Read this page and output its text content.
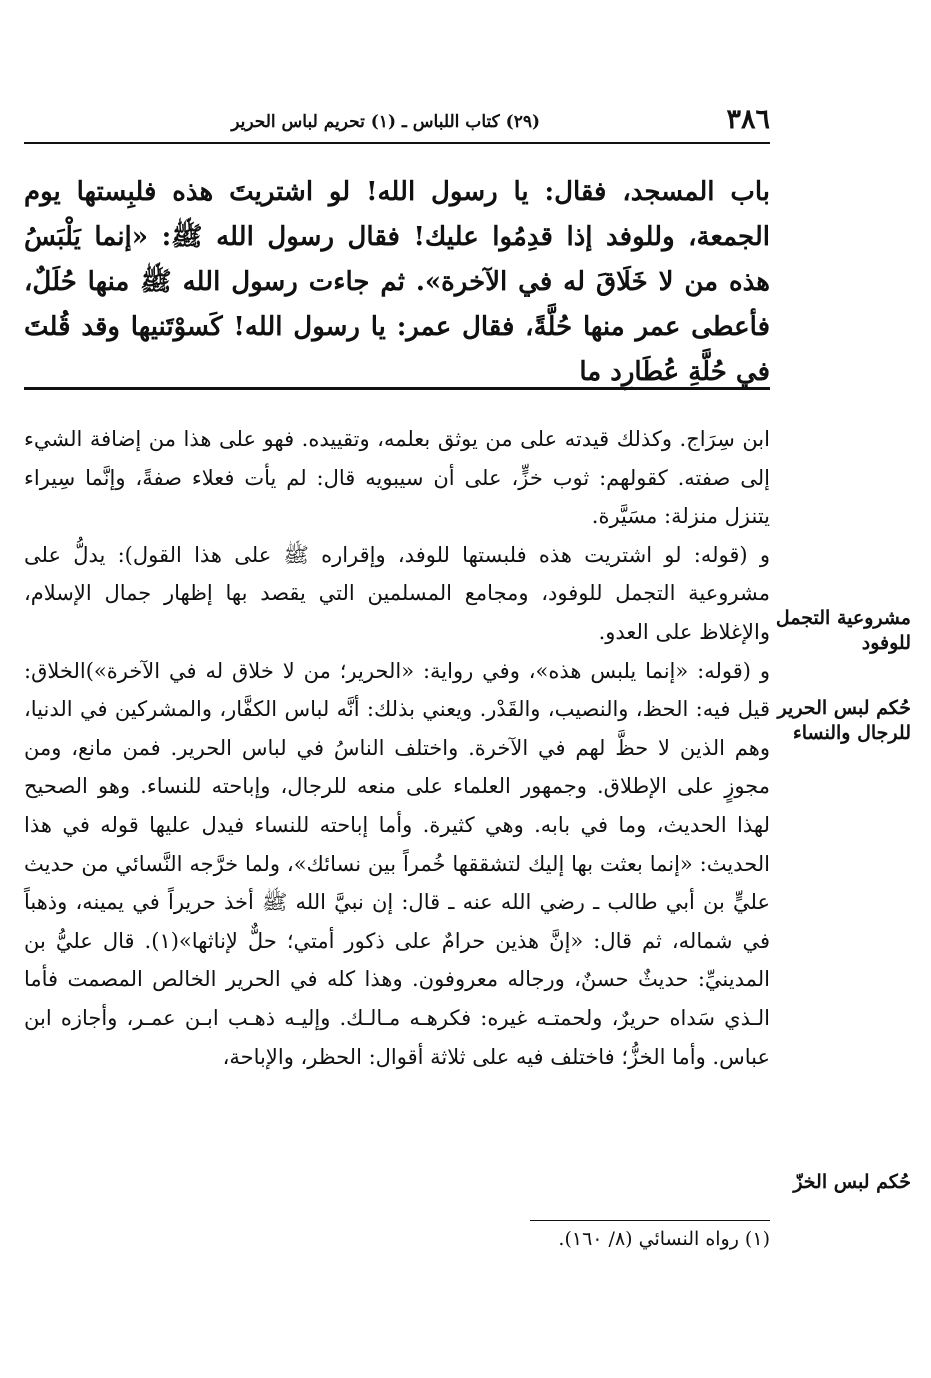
٣٨٦
(٢٩) كتاب اللباس ـ (١) تحريم لباس الحرير
باب المسجد، فقال: يا رسول الله! لو اشتريتَ هذه فلبِستها يوم الجمعة، وللوفد إذا قدِمُوا عليك! فقال رسول الله ﷺ: «إنما يَلْبَسُ هذه من لا خَلَاقَ له في الآخرة». ثم جاءت رسول الله ﷺ منها حُلَلٌ، فأعطى عمر منها حُلَّةً، فقال عمر: يا رسول الله! كَسوْتَنيها وقد قُلتَ في حُلَّةِ عُطَارِد ما

ابن سِرَاج. وكذلك قيدته على من يوثق بعلمه، وتقييده. فهو على هذا من إضافة الشيء إلى صفته. كقولهم: ثوب خزٍّ، على أن سيبويه قال: لم يأت فعلاء صفةً، وإنَّما سِيراء يتنزل منزلة: مسَيَّرة.

و (قوله: لو اشتريت هذه فلبستها للوفد، وإقراره ﷺ على هذا القول): يدلُّ على مشروعية التجمل للوفود، ومجامع المسلمين التي يقصد بها إظهار جمال الإسلام، والإغلاظ على العدو.

و (قوله: «إنما يلبس هذه»، وفي رواية: «الحرير؛ من لا خلاق له في الآخرة»)الخلاق: قيل فيه: الحظ، والنصيب، والقَدْر. ويعني بذلك: أنَّه لباس الكفَّار، والمشركين في الدنيا، وهم الذين لا حظَّ لهم في الآخرة. واختلف الناسُ في لباس الحرير. فمن مانع، ومن مجوزٍ على الإطلاق. وجمهور العلماء على منعه للرجال، وإباحته للنساء. وهو الصحيح لهذا الحديث، وما في بابه. وهي كثيرة. وأما إباحته للنساء فيدل عليها قوله في هذا الحديث: «إنما بعثت بها إليك لتشققها خُمراً بين نسائك»، ولما خرَّجه النَّسائي من حديث عليٍّ بن أبي طالب ـ رضي الله عنه ـ قال: إن نبيَّ الله ﷺ أخذ حريراً في يمينه، وذهباً في شماله، ثم قال: «إنَّ هذين حرامٌ على ذكور أمتي؛ حلٌّ لإناثها»(١). قال عليُّ بن المدينيِّ: حديثٌ حسنٌ، ورجاله معروفون. وهذا كله في الحرير الخالص المصمت فأما الـذي سَداه حريرٌ، ولحمتـه غيره: فكرهـه مـالـك. وإليـه ذهـب ابـن عمـر، وأجازه ابن عباس. وأما الخزُّ؛ فاختلف فيه على ثلاثة أقوال: الحظر، والإباحة،

مشروعية التجمل للوفود
حُكم لبس الحرير للرجال والنساء
حُكم لبس الخزّ
(١) رواه النسائي (٨/ ١٦٠).
